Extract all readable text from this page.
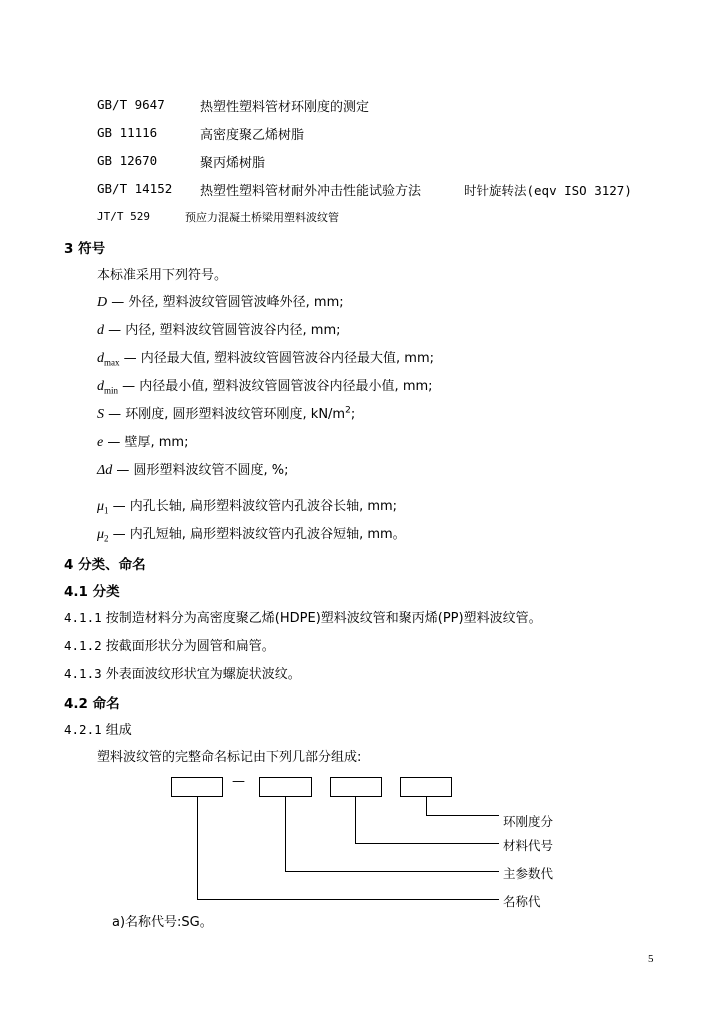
GB/T 9647	热塑性塑料管材环刚度的测定
GB 11116	高密度聚乙烯树脂
GB 12670	聚丙烯树脂
GB/T 14152 热塑性塑料管材耐外冲击性能试验方法	时针旋转法(eqv ISO 3127)
JT/T 529	预应力混凝土桥梁用塑料波纹管
3 符号
本标准采用下列符号。
D — 外径, 塑料波纹管圆管波峰外径, mm;
d — 内径, 塑料波纹管圆管波谷内径, mm;
$d_{max}$ — 内径最大值, 塑料波纹管圆管波谷内径最大值, mm;
$d_{min}$ — 内径最小值, 塑料波纹管圆管波谷内径最小值, mm;
S — 环刚度, 圆形塑料波纹管环刚度, $kN/m^2$;
e — 壁厚, mm;
Δd — 圆形塑料波纹管不圆度, %;
$\mu_1$ — 内孔长轴, 扁形塑料波纹管内孔波谷长轴, mm;
$\mu_2$ — 内孔短轴, 扁形塑料波纹管内孔波谷短轴, mm。
4 分类、命名
4.1 分类
4.1.1 按制造材料分为高密度聚乙烯(HDPE)塑料波纹管和聚丙烯(PP)塑料波纹管。
4.1.2 按截面形状分为圆管和扁管。
4.1.3 外表面波纹形状宜为螺旋状波纹。
4.2 命名
4.2.1 组成
塑料波纹管的完整命名标记由下列几部分组成:
—
环刚度分
材料代号
主参数代
名称代
a)名称代号:SG。
5
